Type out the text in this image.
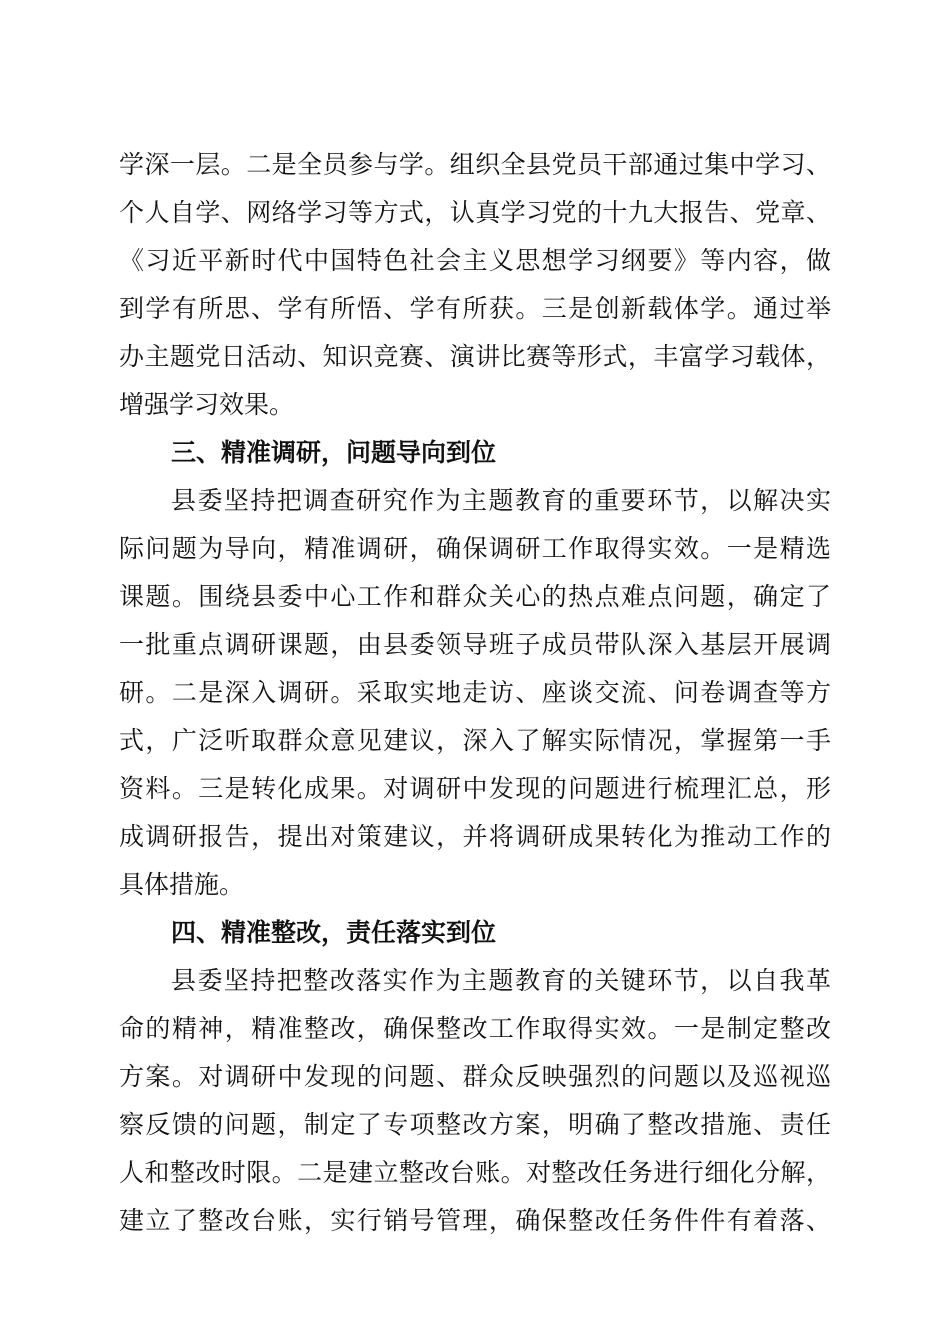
学深一层。二是全员参与学。组织全县党员干部通过集中学习、
个人自学、网络学习等方式，认真学习党的十九大报告、党章、
《习近平新时代中国特色社会主义思想学习纲要》等内容，做
到学有所思、学有所悟、学有所获。三是创新载体学。通过举
办主题党日活动、知识竞赛、演讲比赛等形式，丰富学习载体，
增强学习效果。
三、精准调研，问题导向到位
县委坚持把调查研究作为主题教育的重要环节，以解决实
际问题为导向，精准调研，确保调研工作取得实效。一是精选
课题。围绕县委中心工作和群众关心的热点难点问题，确定了
一批重点调研课题，由县委领导班子成员带队深入基层开展调
研。二是深入调研。采取实地走访、座谈交流、问卷调查等方
式，广泛听取群众意见建议，深入了解实际情况，掌握第一手
资料。三是转化成果。对调研中发现的问题进行梳理汇总，形
成调研报告，提出对策建议，并将调研成果转化为推动工作的
具体措施。
四、精准整改，责任落实到位
县委坚持把整改落实作为主题教育的关键环节，以自我革
命的精神，精准整改，确保整改工作取得实效。一是制定整改
方案。对调研中发现的问题、群众反映强烈的问题以及巡视巡
察反馈的问题，制定了专项整改方案，明确了整改措施、责任
人和整改时限。二是建立整改台账。对整改任务进行细化分解，
建立了整改台账，实行销号管理，确保整改任务件件有着落、
